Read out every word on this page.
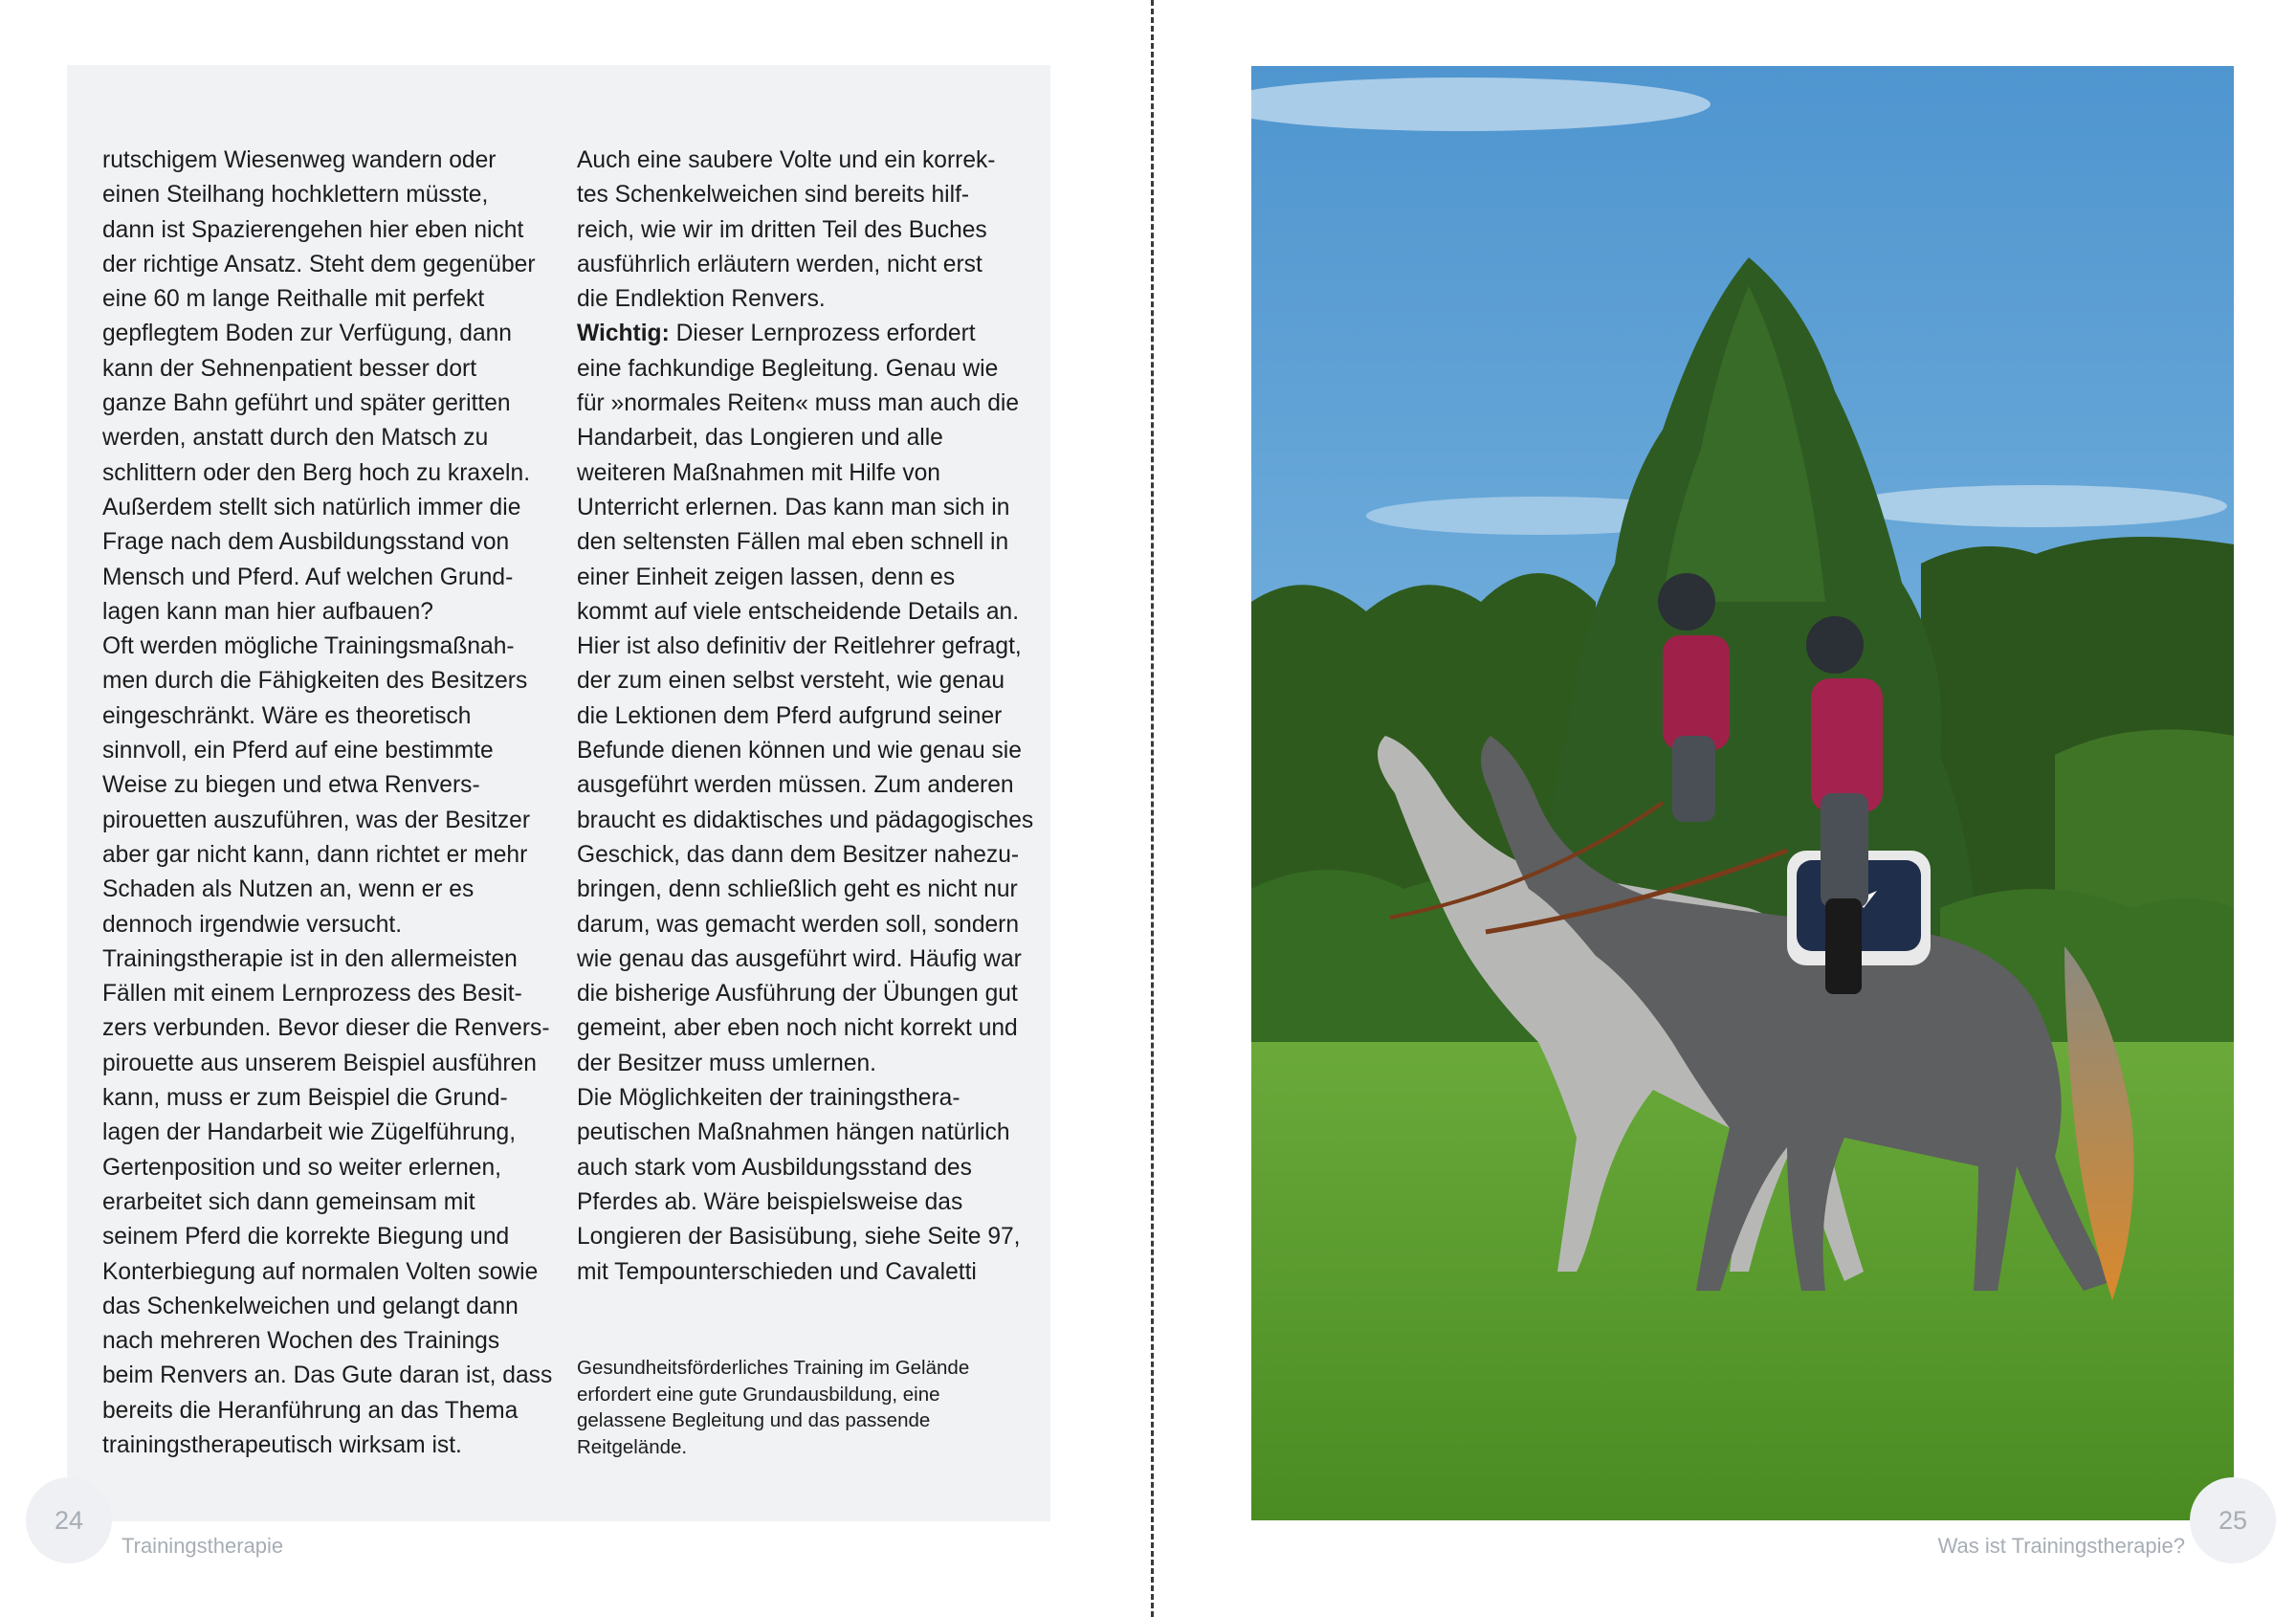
rutschigem Wiesenweg wandern oder
einen Steilhang hochklettern müsste,
dann ist Spazierengehen hier eben nicht
der richtige Ansatz. Steht dem gegenüber
eine 60 m lange Reithalle mit perfekt
gepflegtem Boden zur Verfügung, dann
kann der Sehnenpatient besser dort
ganze Bahn geführt und später geritten
werden, anstatt durch den Matsch zu
schlittern oder den Berg hoch zu kraxeln.
Außerdem stellt sich natürlich immer die
Frage nach dem Ausbildungsstand von
Mensch und Pferd. Auf welchen Grund-
lagen kann man hier aufbauen?
Oft werden mögliche Trainingsmaßnah-
men durch die Fähigkeiten des Besitzers
eingeschränkt. Wäre es theoretisch
sinnvoll, ein Pferd auf eine bestimmte
Weise zu biegen und etwa Renvers-
pirouetten auszuführen, was der Besitzer
aber gar nicht kann, dann richtet er mehr
Schaden als Nutzen an, wenn er es
dennoch irgendwie versucht.
Trainingstherapie ist in den allermeisten
Fällen mit einem Lernprozess des Besit-
zers verbunden. Bevor dieser die Renvers-
pirouette aus unserem Beispiel ausführen
kann, muss er zum Beispiel die Grund-
lagen der Handarbeit wie Zügelführung,
Gertenposition und so weiter erlernen,
erarbeitet sich dann gemeinsam mit
seinem Pferd die korrekte Biegung und
Konterbiegung auf normalen Volten sowie
das Schenkelweichen und gelangt dann
nach mehreren Wochen des Trainings
beim Renvers an. Das Gute daran ist, dass
bereits die Heranführung an das Thema
trainingstherapeutisch wirksam ist.
Auch eine saubere Volte und ein korrek-
tes Schenkelweichen sind bereits hilf-
reich, wie wir im dritten Teil des Buches
ausführlich erläutern werden, nicht erst
die Endlektion Renvers.
Wichtig: Dieser Lernprozess erfordert
eine fachkundige Begleitung. Genau wie
für »normales Reiten« muss man auch die
Handarbeit, das Longieren und alle
weiteren Maßnahmen mit Hilfe von
Unterricht erlernen. Das kann man sich in
den seltensten Fällen mal eben schnell in
einer Einheit zeigen lassen, denn es
kommt auf viele entscheidende Details an.
Hier ist also definitiv der Reitlehrer gefragt,
der zum einen selbst versteht, wie genau
die Lektionen dem Pferd aufgrund seiner
Befunde dienen können und wie genau sie
ausgeführt werden müssen. Zum anderen
braucht es didaktisches und pädagogisches
Geschick, das dann dem Besitzer nahezu-
bringen, denn schließlich geht es nicht nur
darum, was gemacht werden soll, sondern
wie genau das ausgeführt wird. Häufig war
die bisherige Ausführung der Übungen gut
gemeint, aber eben noch nicht korrekt und
der Besitzer muss umlernen.
Die Möglichkeiten der trainingsthera-
peutischen Maßnahmen hängen natürlich
auch stark vom Ausbildungsstand des
Pferdes ab. Wäre beispielsweise das
Longieren der Basisübung, siehe Seite 97,
mit Tempounterschieden und Cavaletti
Gesundheitsförderliches Training im Gelände
erfordert eine gute Grundausbildung, eine
gelassene Begleitung und das passende
Reitgelände.
24
Trainingstherapie
25
Was ist Trainingstherapie?
